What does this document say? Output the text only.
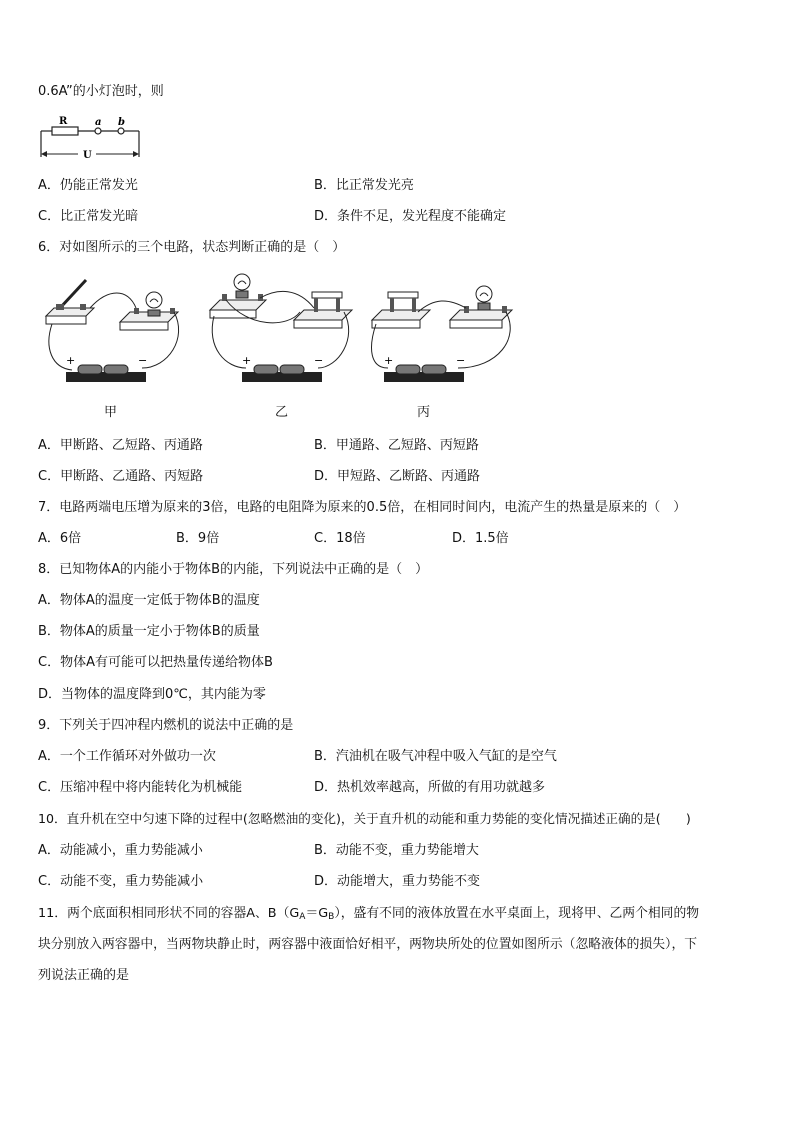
0.6A”的小灯泡时，则
R	a b
U
A．仍能正常发光	B．比正常发光亮
C．比正常发光暗	D．条件不足，发光程度不能确定
6．对如图所示的三个电路，状态判断正确的是（　）
+	−	+	−	+	−
甲	乙	丙
A．甲断路、乙短路、丙通路	B．甲通路、乙短路、丙短路
C．甲断路、乙通路、丙短路	D．甲短路、乙断路、丙通路
7．电路两端电压增为原来的3倍，电路的电阻降为原来的0.5倍，在相同时间内，电流产生的热量是原来的（　）
A．6倍	B．9倍	C．18倍	D．1.5倍
8．已知物体A的内能小于物体B的内能，下列说法中正确的是（　）
A．物体A的温度一定低于物体B的温度
B．物体A的质量一定小于物体B的质量
C．物体A有可能可以把热量传递给物体B
D．当物体的温度降到0℃，其内能为零
9．下列关于四冲程内燃机的说法中正确的是
A．一个工作循环对外做功一次	B．汽油机在吸气冲程中吸入气缸的是空气
C．压缩冲程中将内能转化为机械能	D．热机效率越高，所做的有用功就越多
10．直升机在空中匀速下降的过程中(忽略燃油的变化)，关于直升机的动能和重力势能的变化情况描述正确的是(　　)
A．动能减小，重力势能减小	B．动能不变，重力势能增大
C．动能不变，重力势能减小	D．动能增大，重力势能不变
11．两个底面积相同形状不同的容器A、$B(G_A=G_B)$，盛有不同的液体放置在水平桌面上，现将甲、乙两个相同的物
块分别放入两容器中，当两物块静止时，两容器中液面恰好相平，两物块所处的位置如图所示（忽略液体的损失），下
列说法正确的是
